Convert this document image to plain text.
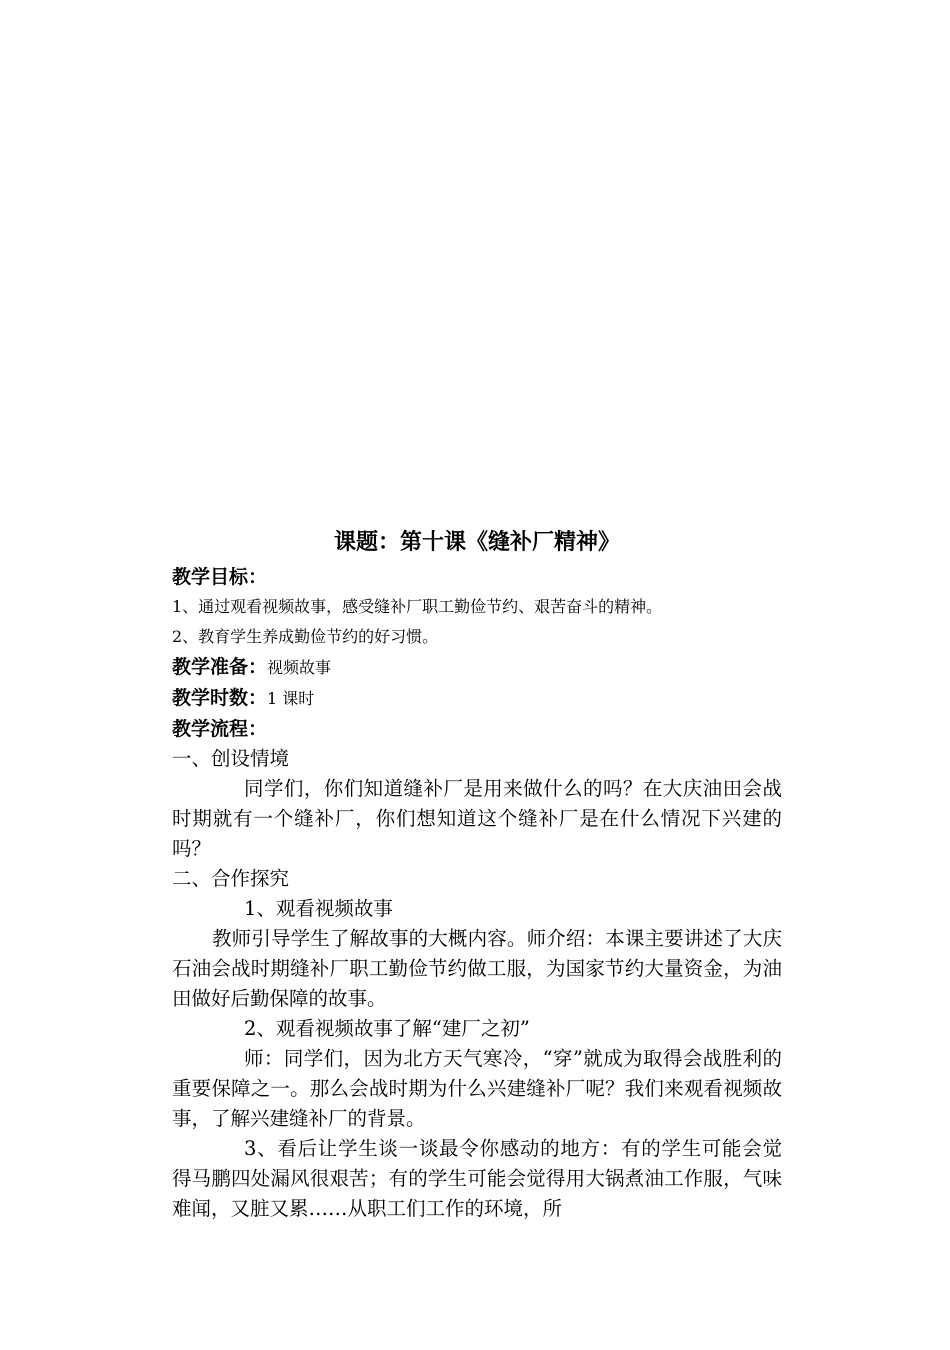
课题：第十课《缝补厂精神》

教学目标：

1、通过观看视频故事，感受缝补厂职工勤俭节约、艰苦奋斗的精神。

2、教育学生养成勤俭节约的好习惯。

教学准备：视频故事

教学时数：1 课时

教学流程：

一、创设情境

同学们，你们知道缝补厂是用来做什么的吗？在大庆油田会战时期就有一个缝补厂，你们想知道这个缝补厂是在什么情况下兴建的吗？

二、合作探究

1、观看视频故事

教师引导学生了解故事的大概内容。师介绍：本课主要讲述了大庆石油会战时期缝补厂职工勤俭节约做工服，为国家节约大量资金，为油田做好后勤保障的故事。

2、观看视频故事了解“建厂之初”

师：同学们，因为北方天气寒冷，“穿”就成为取得会战胜利的重要保障之一。那么会战时期为什么兴建缝补厂呢？我们来观看视频故事，了解兴建缝补厂的背景。

3、看后让学生谈一谈最令你感动的地方：有的学生可能会觉得马鹏四处漏风很艰苦；有的学生可能会觉得用大锅煮油工作服，气味难闻，又脏又累……从职工们工作的环境，所
